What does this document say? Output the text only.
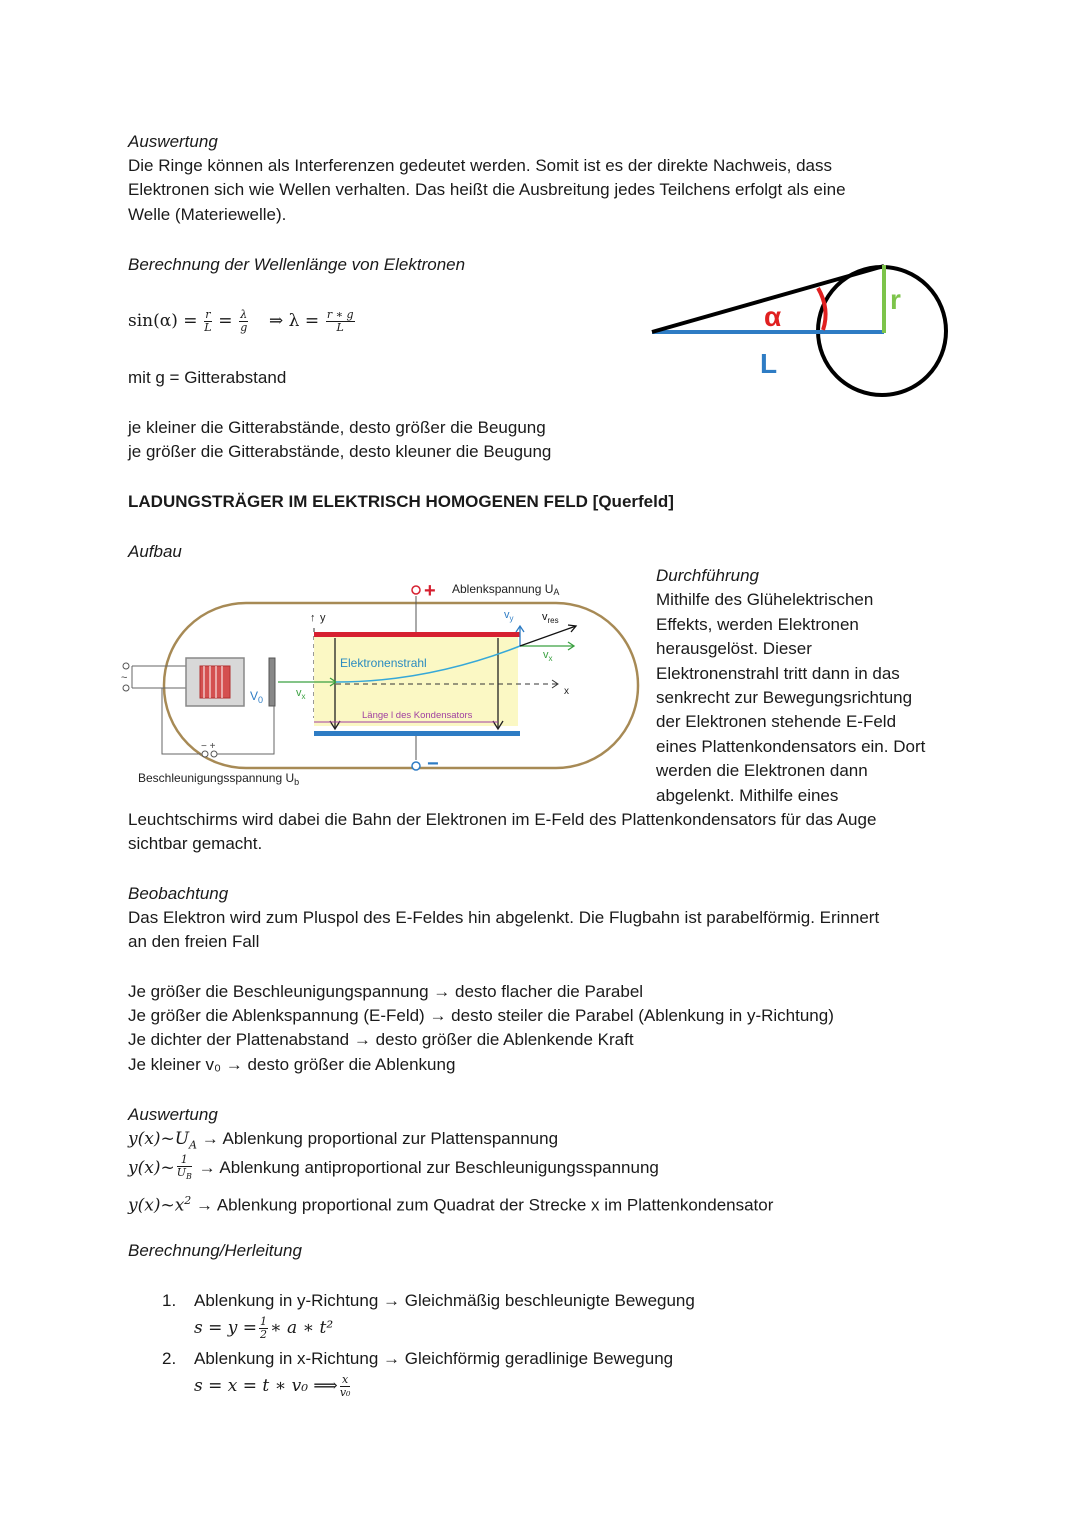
Auswertung
Die Ringe können als Interferenzen gedeutet werden. Somit ist es der direkte Nachweis, dass
Elektronen sich wie Wellen verhalten. Das heißt die Ausbreitung jedes Teilchens erfolgt als eine
Welle (Materiewelle).
Berechnung der Wellenlänge von Elektronen
$\sin(\alpha) = \frac{r}{L} = \frac{\lambda}{g}$ ⇒ $\lambda = \frac{r ∗ g}{L}$
mit g = Gitterabstand
je kleiner die Gitterabstände, desto größer die Beugung
je größer die Gitterabstände, desto kleuner die Beugung
α
L
r
LADUNGSTRÄGER IM ELEKTRISCH HOMOGENEN FELD [Querfeld]
Aufbau
~
− +
Beschleunigungsspannung $U_b$
$V_0$
$v_x$
↑ y
x
$v_y$	$v_{res}$
$v_x$
Elektronenstrahl
Länge l des Kondensators
+ Ablenkspannung UA
−
Durchführung
Mithilfe des Glühelektrischen
Effekts, werden Elektronen
herausgelöst. Dieser
Elektronenstrahl tritt dann in das
senkrecht zur Bewegungsrichtung
der Elektronen stehende E-Feld
eines Plattenkondensators ein. Dort
werden die Elektronen dann
abgelenkt. Mithilfe eines
Leuchtschirms wird dabei die Bahn der Elektronen im E-Feld des Plattenkondensators für das Auge
sichtbar gemacht.
Beobachtung
Das Elektron wird zum Pluspol des E-Feldes hin abgelenkt. Die Flugbahn ist parabelförmig. Erinnert
an den freien Fall
Je größer die Beschleunigungspannung → desto flacher die Parabel
Je größer die Ablenkspannung (E-Feld) → desto steiler die Parabel (Ablenkung in y-Richtung)
Je dichter der Plattenabstand → desto größer die Ablenkende Kraft
Je kleiner v₀ → desto größer die Ablenkung
Auswertung
$y(x)\sim U_A$ → Ablenkung proportional zur Plattenspannung
y(x)~ $\frac{1}{U_B}$ → Ablenkung antiproportional zur Beschleunigungsspannung
$y(x)\sim x^2$ → Ablenkung proportional zum Quadrat der Strecke x im Plattenkondensator
Berechnung/Herleitung
1. Ablenkung in y-Richtung → Gleichmäßig beschleunigte Bewegung
$s = y = \frac{1}{2}$ ∗ a ∗ t²
2. Ablenkung in x-Richtung → Gleichförmig geradlinige Bewegung
s = x = t ∗ v₀ ⟹ $\frac{x}{\text{v₀}}$
